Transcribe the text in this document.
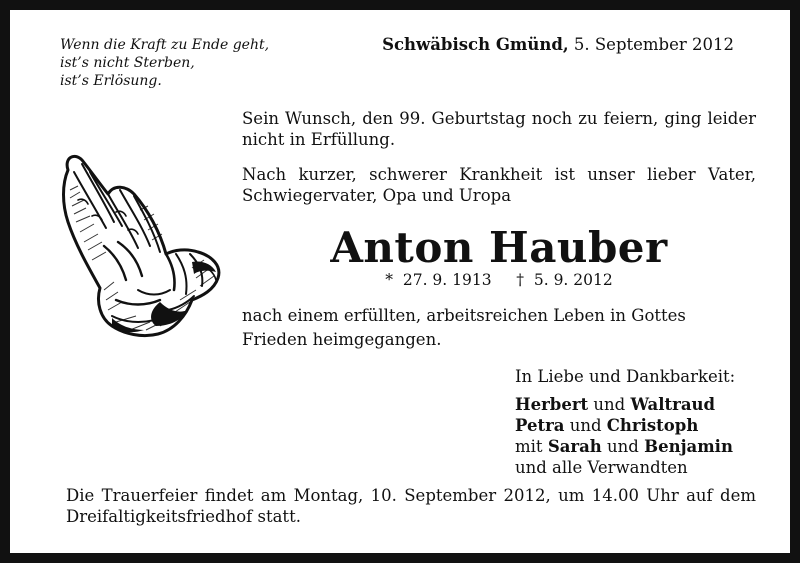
Wenn die Kraft zu Ende geht,
ist’s nicht Sterben,
ist’s Erlösung.
Schwäbisch Gmünd, 5. September 2012
Sein Wunsch, den 99. Geburtstag noch zu feiern, ging leider nicht in Erfüllung.
Nach kurzer, schwerer Krankheit ist unser lieber Vater, Schwiegervater, Opa und Uropa
Anton Hauber
* 27. 9. 1913 † 5. 9. 2012
nach einem erfüllten, arbeitsreichen Leben in Gottes Frieden heimgegangen.
In Liebe und Dankbarkeit:
Herbert und Waltraud
Petra und Christoph
mit Sarah und Benjamin
und alle Verwandten
Die Trauerfeier findet am Montag, 10. September 2012, um 14.00 Uhr auf dem Dreifaltigkeitsfriedhof statt.
